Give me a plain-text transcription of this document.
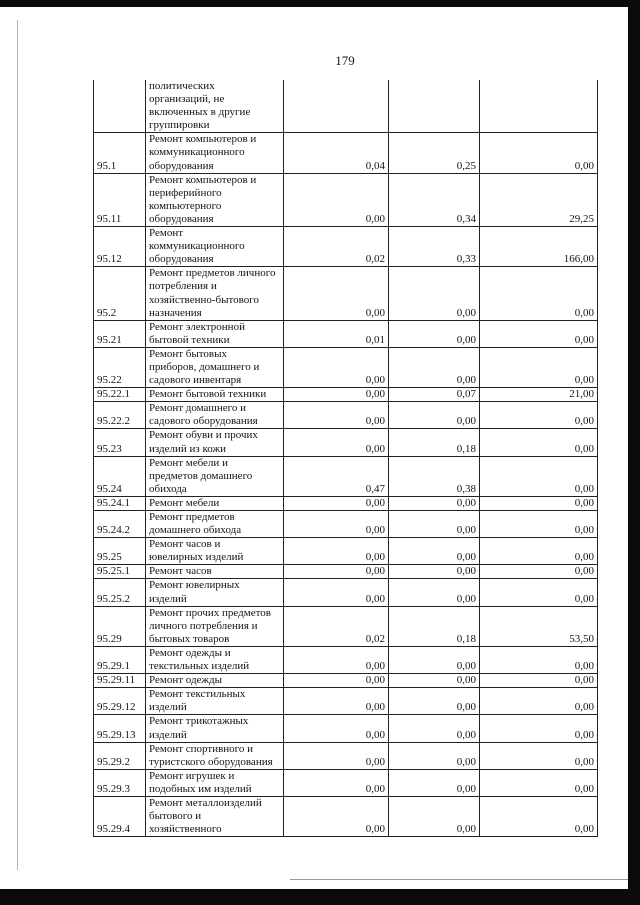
179

	политических
организаций, не
включенных в другие
группировки			

95.1	Ремонт компьютеров и
коммуникационного
оборудования	0,04	0,25	0,00
95.11	Ремонт компьютеров и
периферийного
компьютерного
оборудования	0,00	0,34	29,25
95.12	Ремонт
коммуникационного
оборудования	0,02	0,33	166,00
95.2	Ремонт предметов личного
потребления и
хозяйственно-бытового
назначения	0,00	0,00	0,00
95.21	Ремонт электронной
бытовой техники	0,01	0,00	0,00
95.22	Ремонт бытовых
приборов, домашнего и
садового инвентаря	0,00	0,00	0,00
95.22.1	Ремонт бытовой техники	0,00	0,07	21,00
95.22.2	Ремонт домашнего и
садового оборудования	0,00	0,00	0,00
95.23	Ремонт обуви и прочих
изделий из кожи	0,00	0,18	0,00
95.24	Ремонт мебели и
предметов домашнего
обихода	0,47	0,38	0,00
95.24.1	Ремонт мебели	0,00	0,00	0,00
95.24.2	Ремонт предметов
домашнего обихода	0,00	0,00	0,00
95.25	Ремонт часов и
ювелирных изделий	0,00	0,00	0,00
95.25.1	Ремонт часов	0,00	0,00	0,00
95.25.2	Ремонт ювелирных
изделий	0,00	0,00	0,00
95.29	Ремонт прочих предметов
личного потребления и
бытовых товаров	0,02	0,18	53,50
95.29.1	Ремонт одежды и
текстильных изделий	0,00	0,00	0,00
95.29.11	Ремонт одежды	0,00	0,00	0,00
95.29.12	Ремонт текстильных
изделий	0,00	0,00	0,00
95.29.13	Ремонт трикотажных
изделий	0,00	0,00	0,00
95.29.2	Ремонт спортивного и
туристского оборудования	0,00	0,00	0,00
95.29.3	Ремонт игрушек и
подобных им изделий	0,00	0,00	0,00
95.29.4	Ремонт металлоизделий
бытового и
хозяйственного	0,00	0,00	0,00
